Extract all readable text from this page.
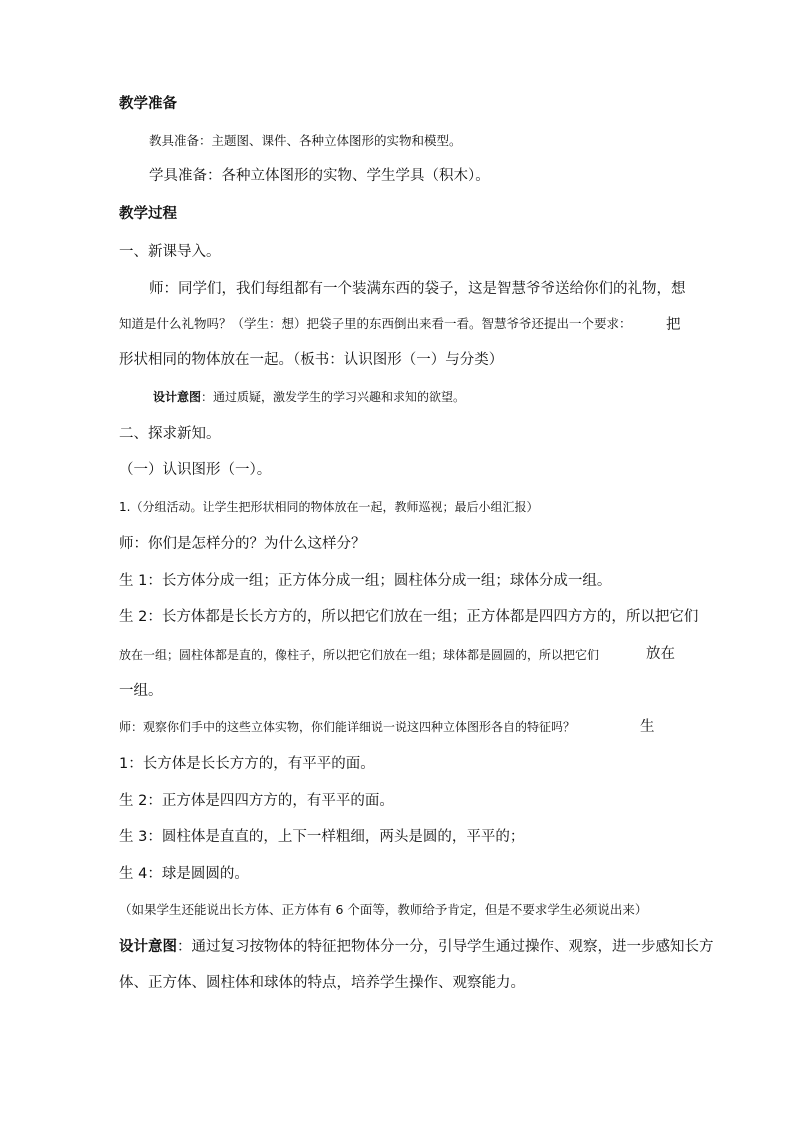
教学准备
教具准备：主题图、课件、各种立体图形的实物和模型。
学具准备：各种立体图形的实物、学生学具（积木）。
教学过程
一、新课导入。
师：同学们，我们每组都有一个装满东西的袋子，这是智慧爷爷送给你们的礼物，想
知道是什么礼物吗？（学生：想）把袋子里的东西倒出来看一看。智慧爷爷还提出一个要求： 把
形状相同的物体放在一起。（板书：认识图形（一）与分类）
设计意图：通过质疑，激发学生的学习兴趣和求知的欲望。
二、探求新知。
（一）认识图形（一）。
1.（分组活动。让学生把形状相同的物体放在一起，教师巡视；最后小组汇报）
师：你们是怎样分的？为什么这样分？
生 1：长方体分成一组；正方体分成一组；圆柱体分成一组；球体分成一组。
生 2：长方体都是长长方方的，所以把它们放在一组；正方体都是四四方方的，所以把它们
放在一组；圆柱体都是直的，像柱子，所以把它们放在一组；球体都是圆圆的，所以把它们	放在
一组。
师：观察你们手中的这些立体实物，你们能详细说一说这四种立体图形各自的特征吗？	生
1：长方体是长长方方的，有平平的面。
生 2：正方体是四四方方的，有平平的面。
生 3：圆柱体是直直的，上下一样粗细，两头是圆的，平平的；
生 4：球是圆圆的。
（如果学生还能说出长方体、正方体有 6 个面等，教师给予肯定，但是不要求学生必须说出来）
设计意图：通过复习按物体的特征把物体分一分，引导学生通过操作、观察，进一步感知长方
体、正方体、圆柱体和球体的特点，培养学生操作、观察能力。
